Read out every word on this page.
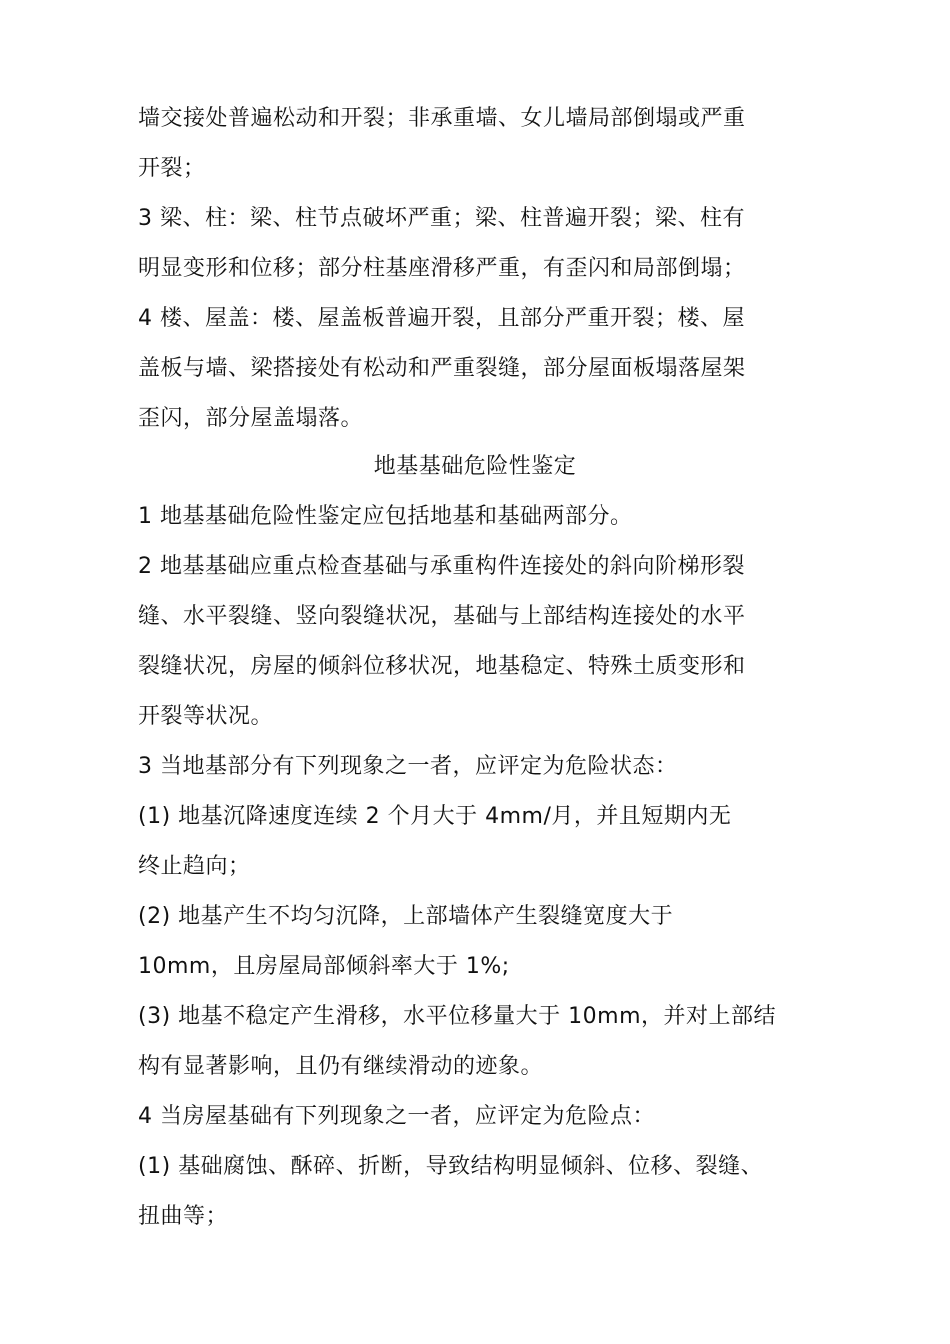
墙交接处普遍松动和开裂；非承重墙、女儿墙局部倒塌或严重
开裂；
3 梁、柱：梁、柱节点破坏严重；梁、柱普遍开裂；梁、柱有
明显变形和位移；部分柱基座滑移严重，有歪闪和局部倒塌；
4 楼、屋盖：楼、屋盖板普遍开裂，且部分严重开裂；楼、屋
盖板与墙、梁搭接处有松动和严重裂缝，部分屋面板塌落屋架
歪闪，部分屋盖塌落。
地基基础危险性鉴定
1 地基基础危险性鉴定应包括地基和基础两部分。
2 地基基础应重点检查基础与承重构件连接处的斜向阶梯形裂
缝、水平裂缝、竖向裂缝状况，基础与上部结构连接处的水平
裂缝状况，房屋的倾斜位移状况，地基稳定、特殊土质变形和
开裂等状况。
3 当地基部分有下列现象之一者，应评定为危险状态：
(1) 地基沉降速度连续 2 个月大于 4mm/月，并且短期内无
终止趋向；
(2) 地基产生不均匀沉降，上部墙体产生裂缝宽度大于
10mm，且房屋局部倾斜率大于 1%;
(3) 地基不稳定产生滑移，水平位移量大于 10mm，并对上部结
构有显著影响，且仍有继续滑动的迹象。
4 当房屋基础有下列现象之一者，应评定为危险点：
(1) 基础腐蚀、酥碎、折断，导致结构明显倾斜、位移、裂缝、
扭曲等；
